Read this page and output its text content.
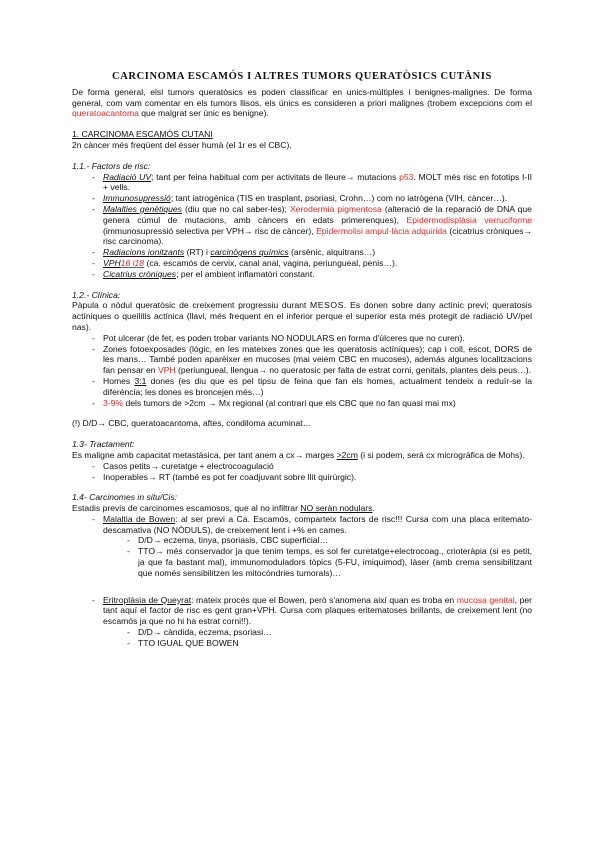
CARCINOMA ESCAMÓS I ALTRES TUMORS QUERATÒSICS CUTÀNIS

De forma general, elsl tumors queratòsics es poden classificar en unics-múltiples i benignes-malignes. De forma general, com vam comentar en els tumors llisos, els únics es consideren a priori malignes (trobem excepcions com el queratoacantoma que malgrat ser únic es benigne).

1. CARCINOMA ESCAMÓS CUTANI

2n càncer més freqüent del ésser humà (el 1r es el CBC).

1.1.- Factors de risc:

- Radiació UV; tant per feina habitual com per activitats de lleure→ mutacions p53. MOLT més risc en fototips I-II + vells.
- Immunosupressió; tant iatrogènica (TIS en trasplant, psoriasi, Crohn…) com no iatrògena (VIH, càncer…).
- Malalties genètiques (diu que no cal saber-les); Xerodermia pigmentosa (alteració de la reparació de DNA que genera cúmul de mutacions, amb càncers en edats primerenques), Epidermodisplàsia verruciforme (immunosupressió selectiva per VPH→ risc de càncer), Epidermolisi ampul·làcia adquirida (cicatrius cròniques→ risc carcinoma).
- Radiacions ionitzants (RT) i carcinògens químics (arsènic, alquitrans…)
- VPH16 i18 (ca. escamós de cervix, canal anal, vagina, periungueal, penis…).
- Cicatrius cròniques; per el ambient inflamatòri constant.

1.2.- Clínica:

Pàpula o nòdul queratòsic de creixement progressiu durant MESOS. Es donen sobre dany actínic previ; queratosis actíniques o queilitis actínica (llavi, més frequent en el inferior perque el superior esta més protegit de radiació UV/pel nas).

- Pot ulcerar (de fet, es poden trobar variants NO NODULARS en forma d'úlceres que no curen).
- Zones fotoexposades (lògic, en les mateixes zones que les queratosis actíniques); cap i coll, escot, DORS de les mans… També poden aparèixer en mucoses (mai veiem CBC en mucoses), además algunes localitzacions fan pensar en VPH (periungueal, llengua→ no queratosic per falta de estrat corni, genitals, plantes dels peus…).
- Homes 3:1 dones (es diu que es pel tipsu de feina que fan els homes, actualment tendeix a reduïr-se la diferència; les dones es broncejen més…)
- 3-9% dels tumors de >2cm → Mx regional (al contrari que els CBC que no fan quasi mai mx)

(!) D/D→ CBC, queratoacantoma, aftes, condiloma acuminat…

1.3- Tractament:

Es maligne amb capacitat metastàsica, per tant anem a cx→ marges >2cm (i si podem, serà cx microgràfica de Mohs).

- Casos petits→ curetatge + electrocoagulació
- Inoperables→ RT (també es pot fer coadjuvant sobre llit quirúrgic).

1.4- Carcinomes in situ/Cis:

Estadis previs de carcinomes escamosos, que al no infiltrar NO seràn nodulars.

- Malaltia de Bowen: al ser previ a Ca. Escamós, comparteix factors de risc!!! Cursa com una placa eritemato-descamativa (NO NÒDULS), de creixement lent i +% en cames.
- D/D→ eczema, tinya, psoriasis, CBC superficial…
- TTO→ més conservador ja que tenim temps, es sol fer curetatge+electrocoag., crioteràpia (si es petit, ja que fa bastant mal), immunomoduladors tòpics (5-FU, imiquimod), làser (amb crema sensibilitzant que només sensibilitzen les mitocòndries tumorals)…
- Eritroplàsia de Queyrat: mateix procés que el Bowen, però s'anomena així quan es troba en mucosa genital, per tant aquí el factor de risc es gent gran+VPH. Cursa com plaques eritematoses brillants, de creixement lent (no escamós ja que no hi ha estrat corni!!).
- D/D→ càndida, eczema, psoriasi…
- TTO IGUAL QUE BOWEN
